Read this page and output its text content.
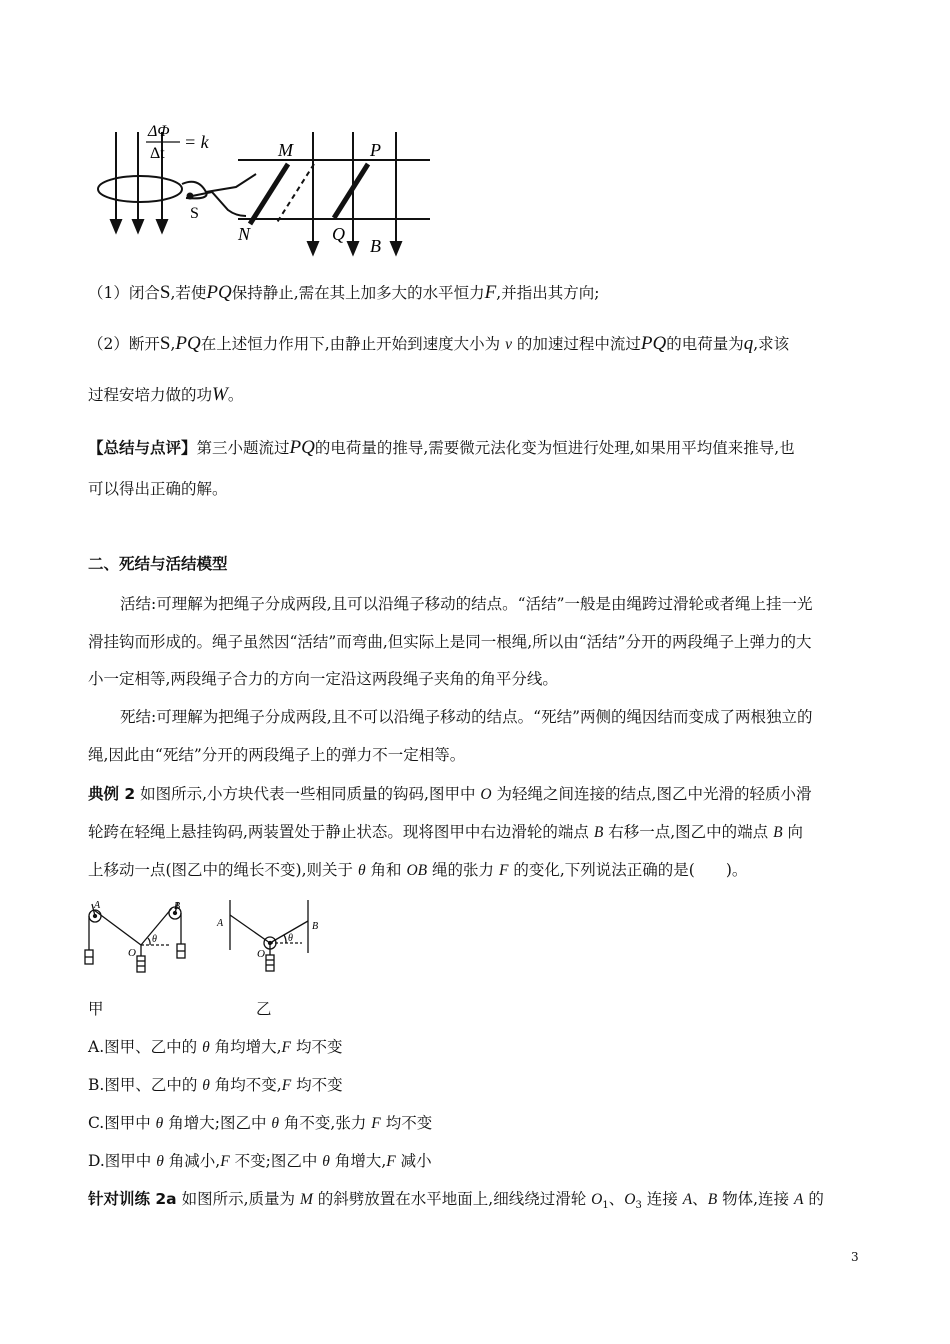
ΔΦ
Δt
= k	M	P
N	Q
S
B
（1）闭合S,若使PQ保持静止,需在其上加多大的水平恒力F,并指出其方向;
（2）断开S,PQ在上述恒力作用下,由静止开始到速度大小为 v 的加速过程中流过PQ的电荷量为q,求该
过程安培力做的功W。
【总结与点评】第三小题流过PQ的电荷量的推导,需要微元法化变为恒进行处理,如果用平均值来推导,也
可以得出正确的解。
二、死结与活结模型
活结:可理解为把绳子分成两段,且可以沿绳子移动的结点。“活结”一般是由绳跨过滑轮或者绳上挂一光
滑挂钩而形成的。绳子虽然因“活结”而弯曲,但实际上是同一根绳,所以由“活结”分开的两段绳子上弹力的大
小一定相等,两段绳子合力的方向一定沿这两段绳子夹角的角平分线。
死结:可理解为把绳子分成两段,且不可以沿绳子移动的结点。“死结”两侧的绳因结而变成了两根独立的
绳,因此由“死结”分开的两段绳子上的弹力不一定相等。
典例 2 如图所示,小方块代表一些相同质量的钩码,图甲中 O 为轻绳之间连接的结点,图乙中光滑的轻质小滑
轮跨在轻绳上悬挂钩码,两装置处于静止状态。现将图甲中右边滑轮的端点 B 右移一点,图乙中的端点 B 向
上移动一点(图乙中的绳长不变),则关于 θ 角和 OB 绳的张力 F 的变化,下列说法正确的是(　　)。
A	B
O
θ
A	B
O
θ
甲	乙
A.图甲、乙中的 θ 角均增大,F 均不变
B.图甲、乙中的 θ 角均不变,F 均不变
C.图甲中 θ 角增大;图乙中 θ 角不变,张力 F 均不变
D.图甲中 θ 角减小,F 不变;图乙中 θ 角增大,F 减小
针对训练 2a 如图所示,质量为 M 的斜劈放置在水平地面上,细线绕过滑轮 $O_1$、$O_3$ 连接 A、B 物体,连接 A 的
3
